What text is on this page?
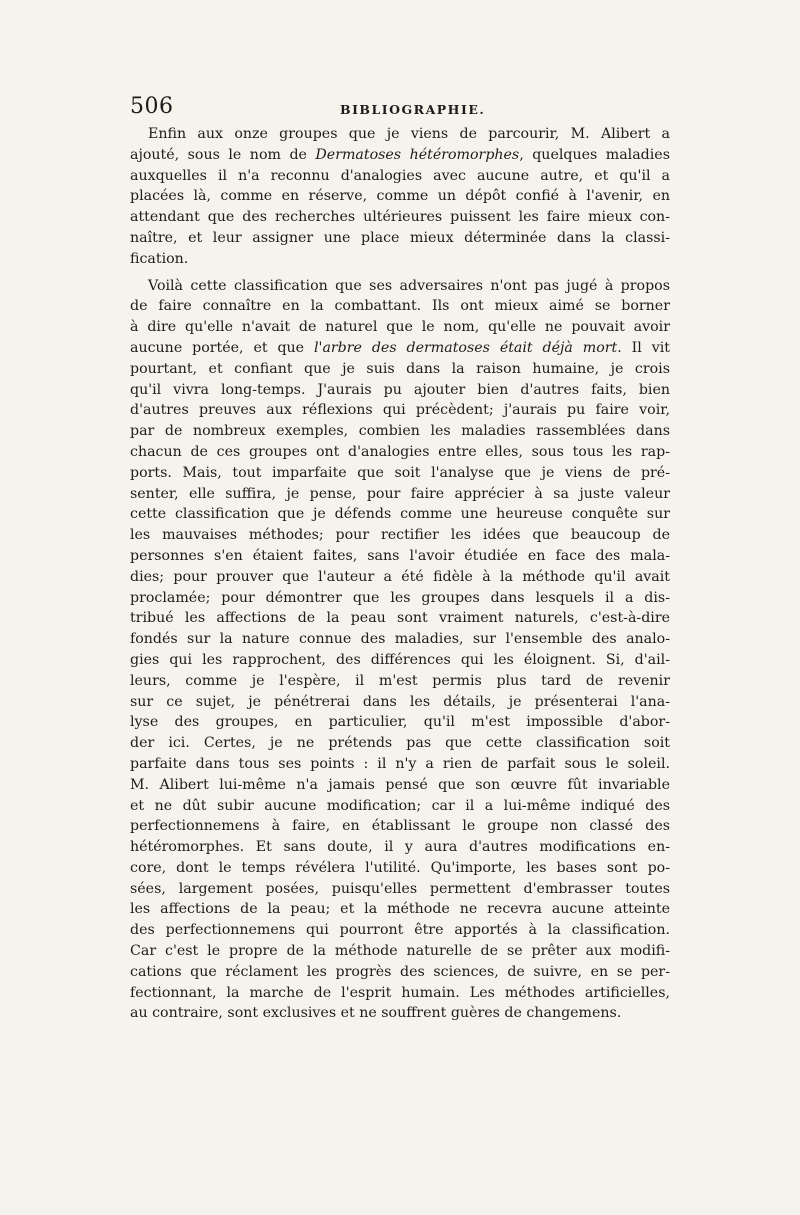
506	BIBLIOGRAPHIE.
Enfin aux onze groupes que je viens de parcourir, M. Alibert a
ajouté, sous le nom de Dermatoses hétéromorphes, quelques maladies
auxquelles il n'a reconnu d'analogies avec aucune autre, et qu'il a
placées là, comme en réserve, comme un dépôt confié à l'avenir, en
attendant que des recherches ultérieures puissent les faire mieux con-
naître, et leur assigner une place mieux déterminée dans la classi-
fication.
Voilà cette classification que ses adversaires n'ont pas jugé à propos
de faire connaître en la combattant. Ils ont mieux aimé se borner
à dire qu'elle n'avait de naturel que le nom, qu'elle ne pouvait avoir
aucune portée, et que l'arbre des dermatoses était déjà mort. Il vit
pourtant, et confiant que je suis dans la raison humaine, je crois
qu'il vivra long-temps. J'aurais pu ajouter bien d'autres faits, bien
d'autres preuves aux réflexions qui précèdent; j'aurais pu faire voir,
par de nombreux exemples, combien les maladies rassemblées dans
chacun de ces groupes ont d'analogies entre elles, sous tous les rap-
ports. Mais, tout imparfaite que soit l'analyse que je viens de pré-
senter, elle suffira, je pense, pour faire apprécier à sa juste valeur
cette classification que je défends comme une heureuse conquête sur
les mauvaises méthodes; pour rectifier les idées que beaucoup de
personnes s'en étaient faites, sans l'avoir étudiée en face des mala-
dies; pour prouver que l'auteur a été fidèle à la méthode qu'il avait
proclamée; pour démontrer que les groupes dans lesquels il a dis-
tribué les affections de la peau sont vraiment naturels, c'est-à-dire
fondés sur la nature connue des maladies, sur l'ensemble des analo-
gies qui les rapprochent, des différences qui les éloignent. Si, d'ail-
leurs, comme je l'espère, il m'est permis plus tard de revenir
sur ce sujet, je pénétrerai dans les détails, je présenterai l'ana-
lyse des groupes, en particulier, qu'il m'est impossible d'abor-
der ici. Certes, je ne prétends pas que cette classification soit
parfaite dans tous ses points : il n'y a rien de parfait sous le soleil.
M. Alibert lui-même n'a jamais pensé que son œuvre fût invariable
et ne dût subir aucune modification; car il a lui-même indiqué des
perfectionnemens à faire, en établissant le groupe non classé des
hétéromorphes. Et sans doute, il y aura d'autres modifications en-
core, dont le temps révélera l'utilité. Qu'importe, les bases sont po-
sées, largement posées, puisqu'elles permettent d'embrasser toutes
les affections de la peau; et la méthode ne recevra aucune atteinte
des perfectionnemens qui pourront être apportés à la classification.
Car c'est le propre de la méthode naturelle de se prêter aux modifi-
cations que réclament les progrès des sciences, de suivre, en se per-
fectionnant, la marche de l'esprit humain. Les méthodes artificielles,
au contraire, sont exclusives et ne souffrent guères de changemens.
